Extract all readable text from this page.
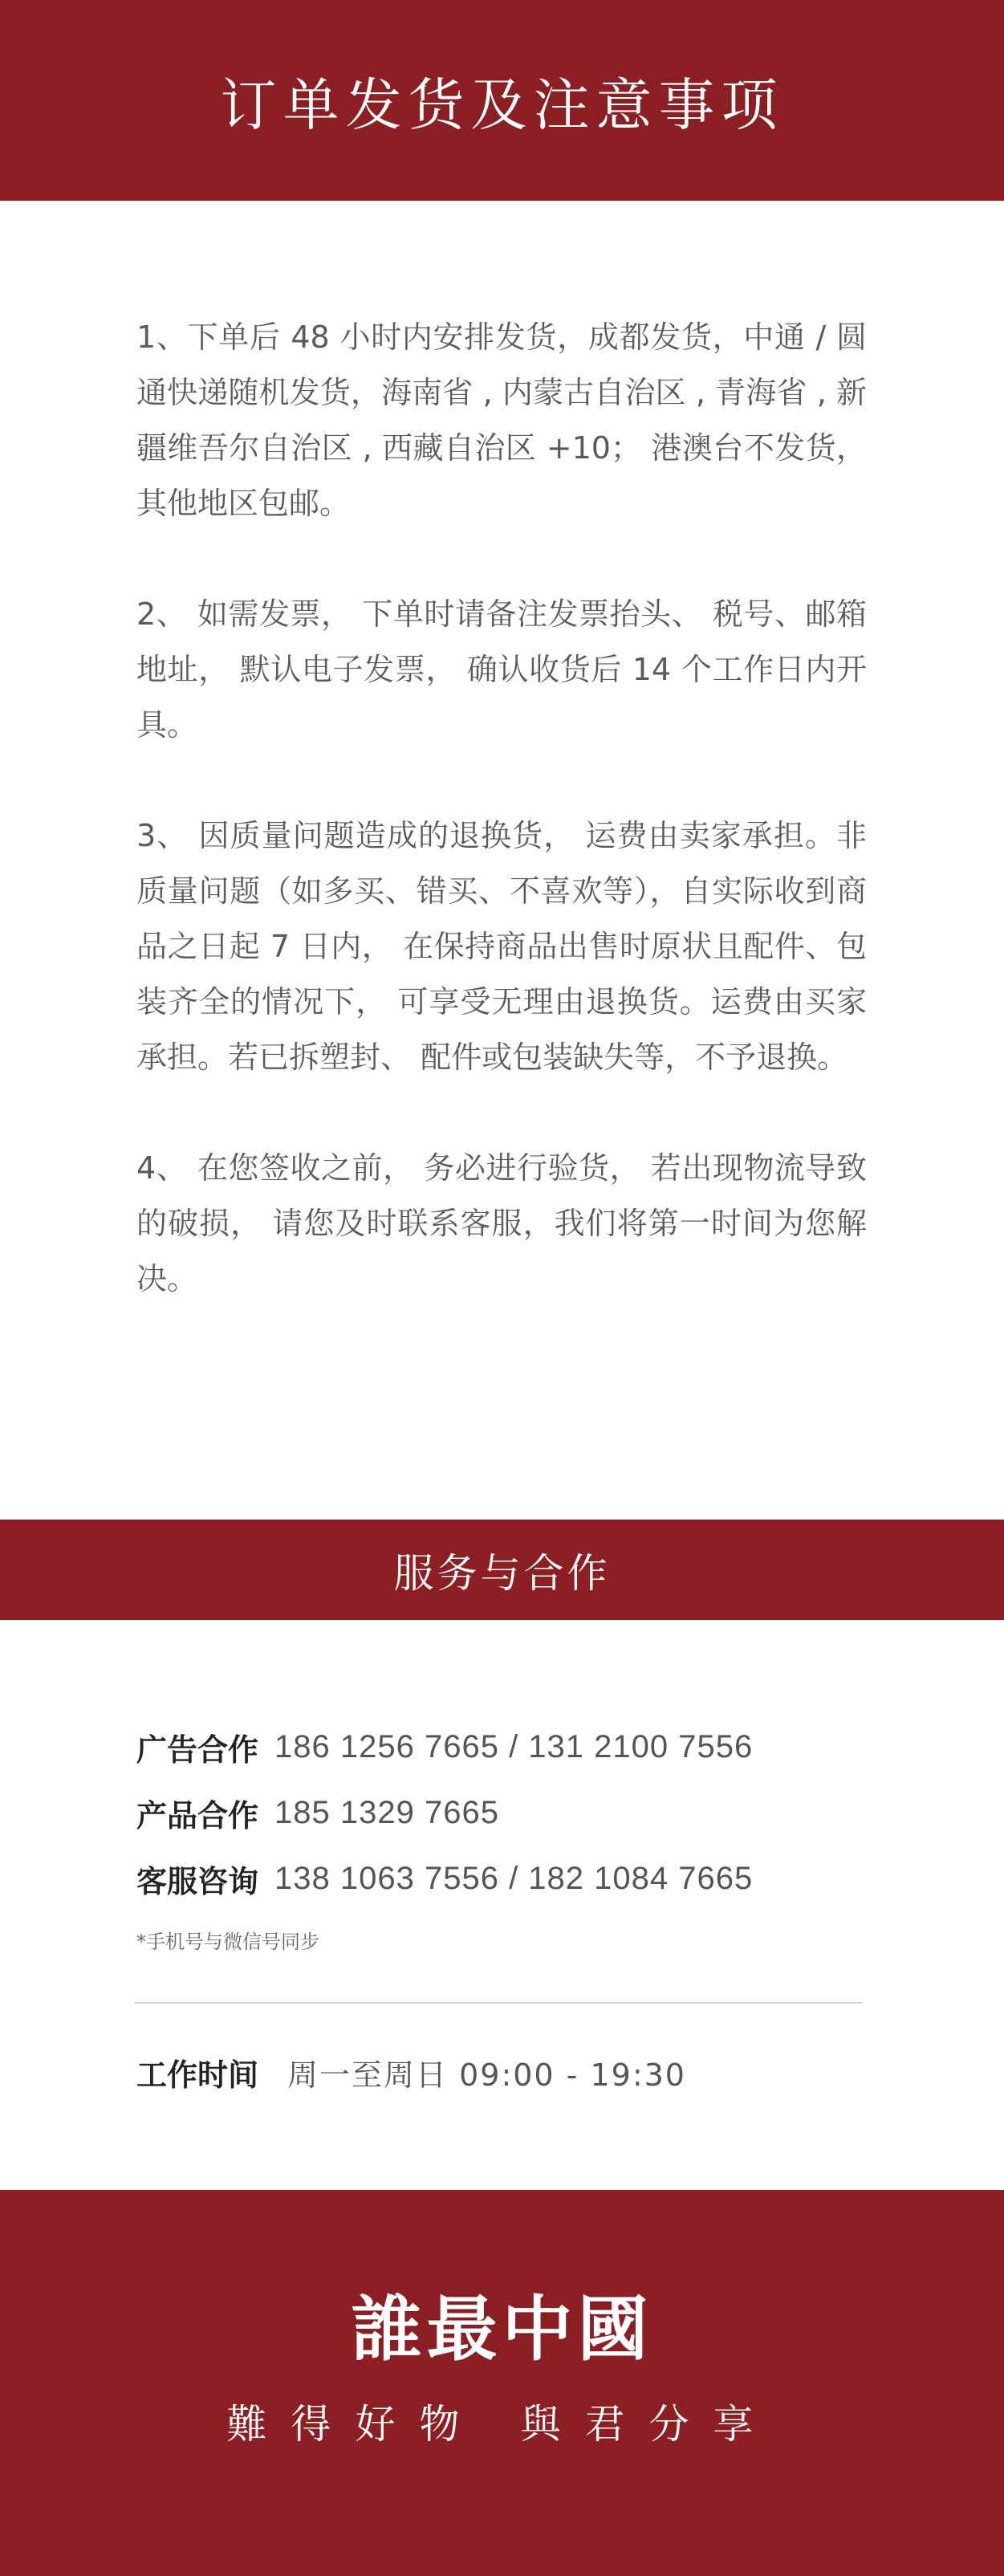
订单发货及注意事项

1、下单后 48 小时内安排发货，成都发货，中通 / 圆通快递随机发货，海南省 , 内蒙古自治区 , 青海省 , 新疆维吾尔自治区 , 西藏自治区 +10； 港澳台不发货，其他地区包邮。

2、 如需发票， 下单时请备注发票抬头、 税号、邮箱地址， 默认电子发票， 确认收货后 14 个工作日内开具。

3、 因质量问题造成的退换货， 运费由卖家承担。非质量问题（如多买、错买、不喜欢等），自实际收到商品之日起 7 日内， 在保持商品出售时原状且配件、包装齐全的情况下， 可享受无理由退换货。运费由买家承担。若已拆塑封、 配件或包装缺失等，不予退换。

4、 在您签收之前， 务必进行验货， 若出现物流导致的破损， 请您及时联系客服，我们将第一时间为您解决。

服务与合作
广告合作 186 1256 7665 / 131 2100 7556
产品合作 185 1329 7665
客服咨询 138 1063 7556 / 182 1084 7665
*手机号与微信号同步
工作时间 周一至周日 09:00 - 19:30
誰最中國
難得好物 與君分享
